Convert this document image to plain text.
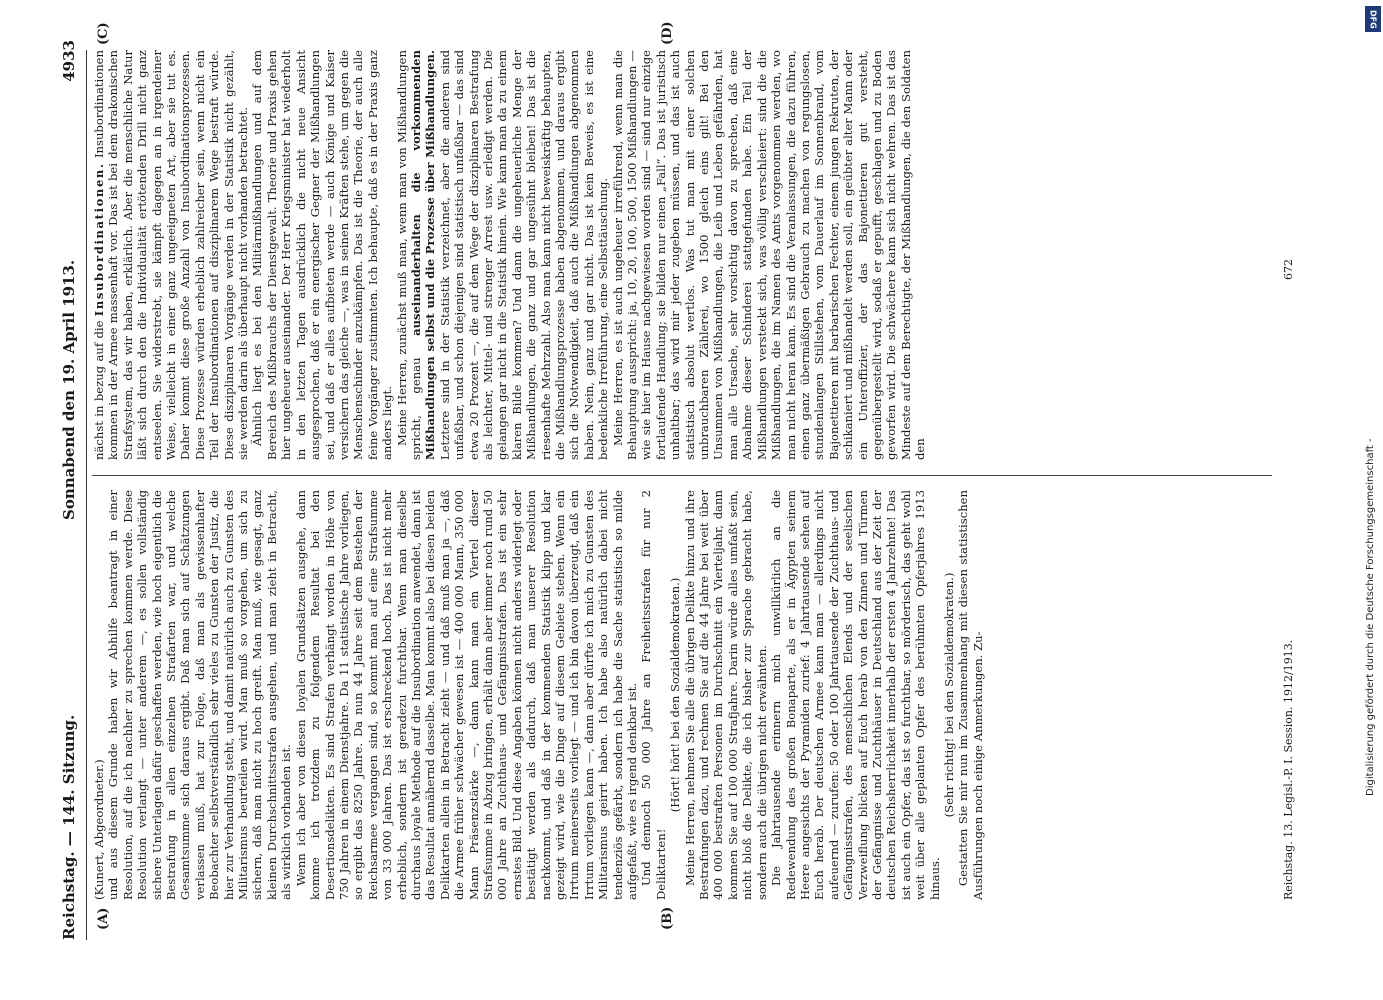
Reichstag. — 144. Sitzung.
Sonnabend den 19. April 1913.
4933
(A)	(B)
(C)	(D)

(Kunert, Abgeordneter.) und aus diesem Grunde haben wir Abhilfe beantragt in einer Resolution, auf die ich nachher zu sprechen kommen werde. Diese Resolution verlangt — unter anderem —, es sollen vollständig sichere Unterlagen dafür geschaffen werden, wie hoch eigentlich die Bestrafung in allen einzelnen Strafarten war, und welche Gesamtsumme sich daraus ergibt. Daß man sich auf Schätzungen verlassen muß, hat zur Folge, daß man als gewissenhafter Beobachter selbstverständlich sehr vieles zu Gunsten der Justiz, die hier zur Verhandlung steht, und damit natürlich auch zu Gunsten des Militarismus beurteilen wird. Man muß so vorgehen, um sich zu sichern, daß man nicht zu hoch greift. Man muß, wie gesagt, ganz kleinen Durchschnittsstrafen ausgehen, und man zieht in Betracht, als wirklich vorhanden ist. Wenn ich aber von diesen loyalen Grundsätzen ausgehe, dann komme ich trotzdem zu folgendem Resultat bei den Desertionsdelikten. Es sind Strafen verhängt worden in Höhe von 750 Jahren in einem Dienstjahre. Da 11 statistische Jahre vorliegen, so ergibt das 8250 Jahre. Da nun 44 Jahre seit dem Bestehen der Reichsarmee vergangen sind, so kommt man auf eine Strafsumme von 33 000 Jahren. Das ist erschreckend hoch. Das ist nicht mehr erheblich, sondern ist geradezu furchtbar. Wenn man dieselbe durchaus loyale Methode auf die Insubordination anwendet, dann ist das Resultat annähernd dasselbe. Man kommt also bei diesen beiden Deliktarten allein in Betracht zieht — und daß muß man ja —, daß die Armee früher schwächer gewesen ist — 400 000 Mann, 350 000 Mann Präsenzstärke —, dann kann man ein Viertel dieser Strafsumme in Abzug bringen, erhält dann aber immer noch rund 50 000 Jahre an Zuchthaus- und Gefängnisstrafen. Das ist ein sehr ernstes Bild. Und diese Angaben können nicht anders widerlegt oder bestätigt werden als dadurch, daß man unserer Resolution nachkommt, und daß in der kommenden Statistik klipp und klar gezeigt wird, wie die Dinge auf diesem Gebiete stehen. Wenn ein Irrtum meinerseits vorliegt — und ich bin davon überzeugt, daß ein Irrtum vorliegen kann —, dann aber dürfte ich mich zu Gunsten des Militarismus geirrt haben. Ich habe also natürlich dabei nicht tendenziös gefärbt, sondern ich habe die Sache statistisch so milde aufgefaßt, wie es irgend denkbar ist. Und dennoch 50 000 Jahre an Freiheitsstrafen für nur 2 Deliktarten!

(Hört! hört! bei den Sozialdemokraten.) Meine Herren, nehmen Sie alle die übrigen Delikte hinzu und ihre Bestrafungen dazu, und rechnen Sie auf die 44 Jahre bei weit über 400 000 bestraften Personen im Durchschnitt ein Vierteljahr, dann kommen Sie auf 100 000 Strafjahre. Darin würde alles umfaßt sein, nicht bloß die Delikte, die ich bisher zur Sprache gebracht habe, sondern auch die übrigen nicht erwähnten. Die Jahrtausende erinnern mich unwillkürlich an die Redewendung des großen Bonaparte, als er in Ägypten seinem Heere angesichts der Pyramiden zurief: 4 Jahrtausende sehen auf Euch herab. Der deutschen Armee kann man — allerdings nicht aufeuernd — zurufen: 50 oder 100 Jahrtausende der Zuchthaus- und Gefängnisstrafen, des menschlichen Elends und der seelischen Verzweiflung blicken auf Euch herab von den Zinnen und Türmen der Gefängnisse und Zuchthäuser in Deutschland aus der Zeit der deutschen Reichsherrlichkeit innerhalb der ersten 4 Jahrzehnte! Das ist auch ein Opfer, das ist so furchtbar, so mörderisch, das geht wohl weit über alle geplanten Opfer des berühmten Opferjahres 1913 hinaus.

(Sehr richtig! bei den Sozialdemokraten.) Gestatten Sie mir nun im Zusammenhang mit diesen statistischen Ausführungen noch einige Anmerkungen. Zu-

nächst in bezug auf die Insubordinationen. Insubordinationen kommen in der Armee massenhaft vor. Das ist bei dem drakonischen Strafsystem, das wir haben, erklärlich. Aber die menschliche Natur läßt sich durch den die Individualität ertötenden Drill nicht ganz entseelen. Sie widerstrebt, sie kämpft dagegen an in irgendeiner Weise, vielleicht in einer ganz ungeeigneten Art, aber sie tut es. Daher kommt diese große Anzahl von Insubordinationsprozessen. Diese Prozesse würden erheblich zahlreicher sein, wenn nicht ein Teil der Insubordinationen auf disziplinarem Wege bestraft würde. Diese disziplinaren Vorgänge werden in der Statistik nicht gezählt, sie werden darin als überhaupt nicht vorhanden betrachtet. Ähnlich liegt es bei den Militärmißhandlungen und auf dem Bereich des Mißbrauchs der Dienstgewalt. Theorie und Praxis gehen hier ungeheuer auseinander. Der Herr Kriegsminister hat wiederholt in den letzten Tagen ausdrücklich die nicht neue Ansicht ausgesprochen, daß er ein energischer Gegner der Mißhandlungen sei, und daß er alles aufbieten werde — auch Könige und Kaiser versichern das gleiche —, was in seinen Kräften stehe, um gegen die Menschenschinder anzukämpfen. Das ist die Theorie, der auch alle feine Vorgänger zustimmten. Ich behaupte, daß es in der Praxis ganz anders liegt. Meine Herren, zunächst muß man, wenn man von Mißhandlungen spricht, genau auseinanderhalten die vorkommenden Mißhandlungen selbst und die Prozesse über Mißhandlungen. Letztere sind in der Statistik verzeichnet, aber die anderen sind unfaßbar, und schon diejenigen sind statistisch unfaßbar — das sind etwa 20 Prozent —, die auf dem Wege der disziplinaren Bestrafung als leichter, Mittel- und strenger Arrest usw. erledigt werden. Die gelangen gar nicht in die Statistik hinein. Wie kann man da zu einem klaren Bilde kommen? Und dann die ungeheuerliche Menge der Mißhandlungen, die ganz und gar ungesühnt bleiben! Das ist die riesenhafte Mehrzahl. Also man kann nicht beweiskräftig behaupten, die Mißhandlungsprozesse haben abgenommen, und daraus ergibt sich die Notwendigkeit, daß auch die Mißhandlungen abgenommen haben. Nein, ganz und gar nicht. Das ist kein Beweis, es ist eine bedenkliche Irreführung, eine Selbsttäuschung. Meine Herren, es ist auch ungeheuer irreführend, wenn man die Behauptung ausspricht: ja, 10, 20, 100, 500, 1500 Mißhandlungen — wie sie hier im Hause nachgewiesen worden sind — sind nur einzige fortlaufende Handlung; sie bilden nur einen „Fall“. Das ist juristisch unhaltbar; das wird mir jeder zugeben müssen, und das ist auch statistisch absolut wertlos. Was tut man mit einer solchen unbrauchbaren Zählerei, wo 1500 gleich eins gilt! Bei den Unsummen von Mißhandlungen, die Leib und Leben gefährden, hat man alle Ursache, sehr vorsichtig davon zu sprechen, daß eine Abnahme dieser Schinderei stattgefunden habe. Ein Teil der Mißhandlungen versteckt sich, was völlig verschleiert: sind die die Mißhandlungen, die im Namen des Amts vorgenommen werden, wo man nicht heran kann. Es sind die Veranlassungen, die dazu führen, einen ganz übermäßigen Gebrauch zu machen von regungslosen, stundenlangen Stillstehen, vom Dauerlauf im Sonnenbrand, vom Bajonettieren mit barbarischen Fechter, einem jungen Rekruten, der schikaniert und mißhandelt werden soll, ein geübter alter Mann oder ein Unteroffizier, der das Bajonettieren gut versteht, gegenübergestellt wird, sodaß er gepufft, geschlagen und zu Boden geworfen wird. Die schwächere kann sich nicht wehren. Das ist das Mindeste auf dem Berechtigte, der Mißhandlungen, die den Soldaten den

Reichstag. 13. Legisl.-P. I. Session. 1912/1913.
672
DFG
Digitalisierung gefördert durch die Deutsche Forschungsgemeinschaft -
